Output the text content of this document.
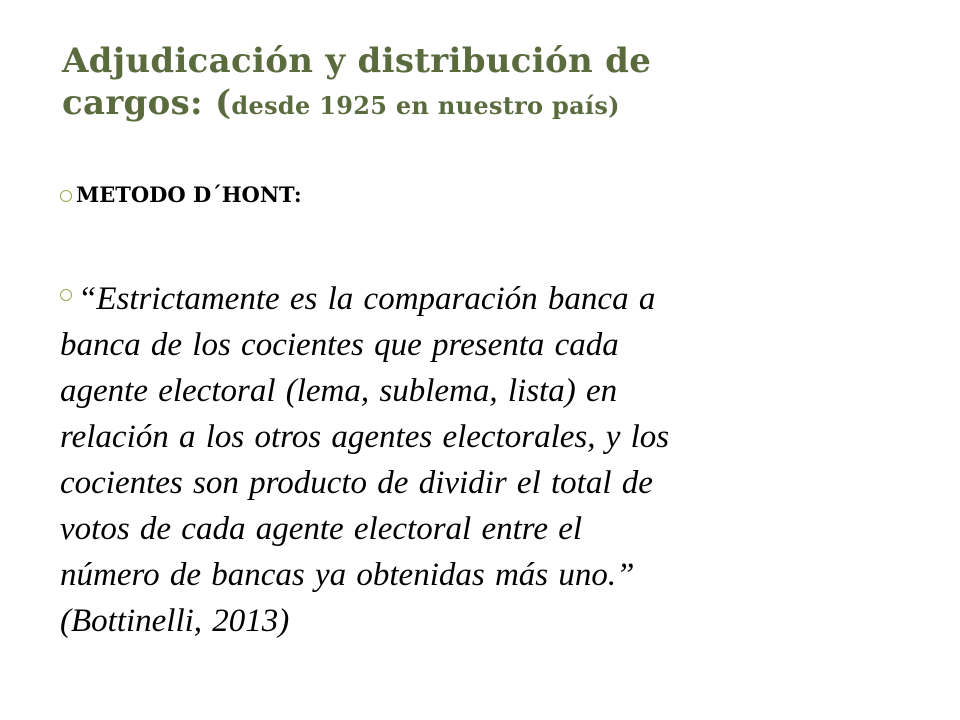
Adjudicación y distribución de
cargos: (desde 1925 en nuestro país)
METODO D´HONT:
“Estrictamente es la comparación banca a
banca de los cocientes que presenta cada
agente electoral (lema, sublema, lista) en
relación a los otros agentes electorales, y los
cocientes son producto de dividir el total de
votos de cada agente electoral entre el
número de bancas ya obtenidas más uno.”
(Bottinelli, 2013)
